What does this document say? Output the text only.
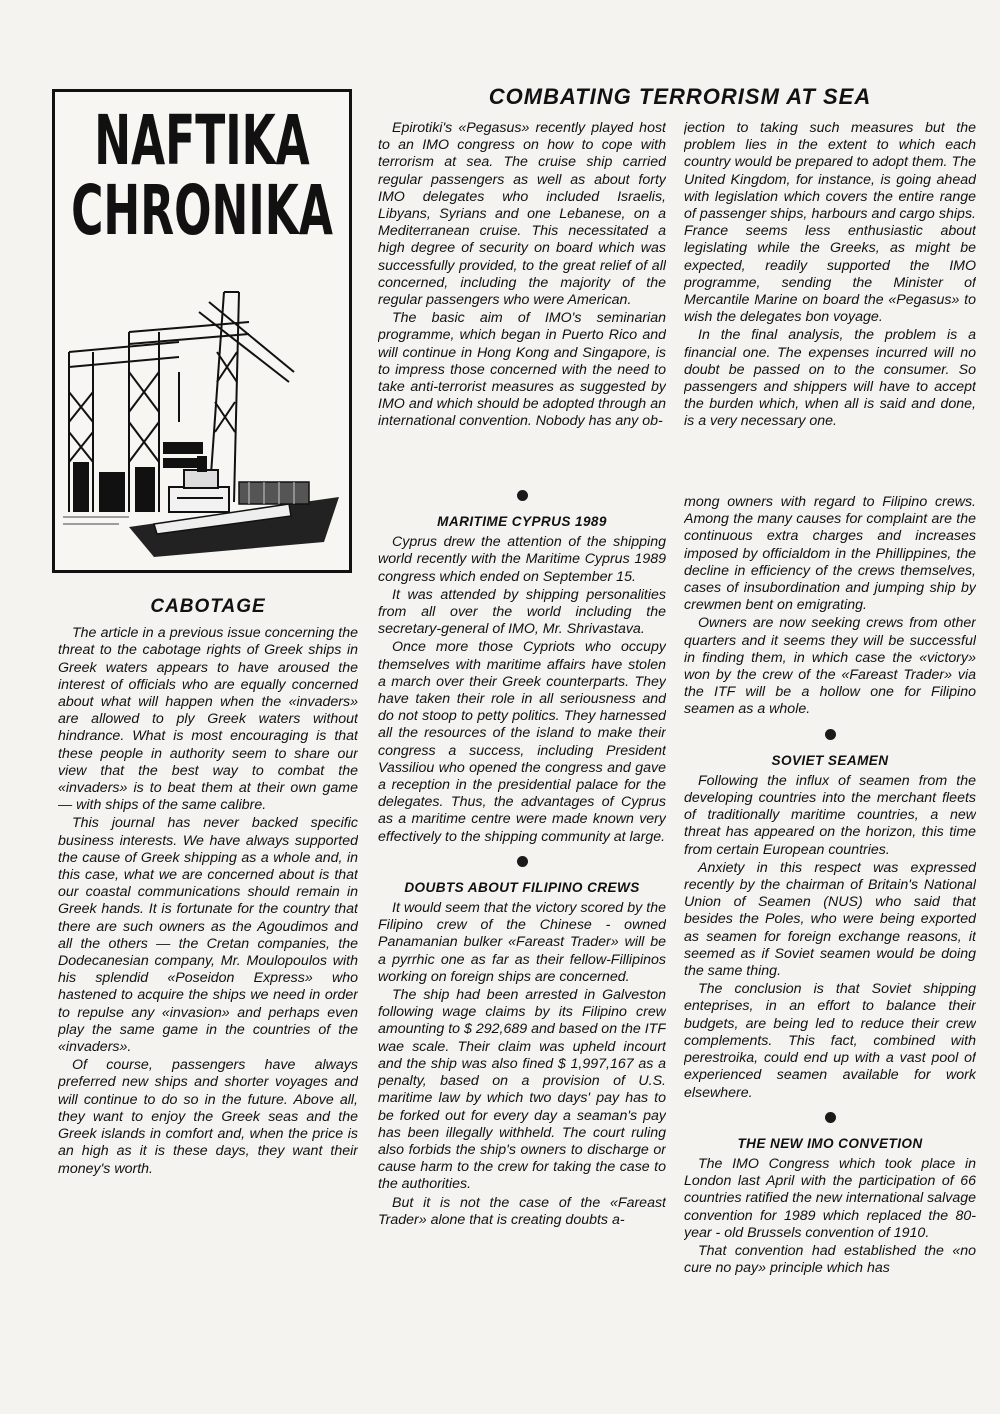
NAFTIKA
CHRONIKA
COMBATING TERRORISM AT SEA

Epirotiki's «Pegasus» recently played host to an IMO congress on how to cope with terrorism at sea. The cruise ship carried regular passengers as well as about forty IMO delegates who included Israelis, Libyans, Syrians and one Lebanese, on a Mediterranean cruise. This necessitated a high degree of security on board which was successfully provided, to the great relief of all concerned, including the majority of the regular passengers who were American.

The basic aim of IMO's seminarian programme, which began in Puerto Rico and will continue in Hong Kong and Singapore, is to impress those concerned with the need to take anti-terrorist measures as suggested by IMO and which should be adopted through an international convention. Nobody has any ob-

jection to taking such measures but the problem lies in the extent to which each country would be prepared to adopt them. The United Kingdom, for instance, is going ahead with legislation which covers the entire range of passenger ships, harbours and cargo ships. France seems less enthusiastic about legislating while the Greeks, as might be expected, readily supported the IMO programme, sending the Minister of Mercantile Marine on board the «Pegasus» to wish the delegates bon voyage.

In the final analysis, the problem is a financial one. The expenses incurred will no doubt be passed on to the consumer. So passengers and shippers will have to accept the burden which, when all is said and done, is a very necessary one.

CABOTAGE

The article in a previous issue concerning the threat to the cabotage rights of Greek ships in Greek waters appears to have aroused the interest of officials who are equally concerned about what will happen when the «invaders» are allowed to ply Greek waters without hindrance. What is most encouraging is that these people in authority seem to share our view that the best way to combat the «invaders» is to beat them at their own game — with ships of the same calibre.

This journal has never backed specific business interests. We have always supported the cause of Greek shipping as a whole and, in this case, what we are concerned about is that our coastal communications should remain in Greek hands. It is fortunate for the country that there are such owners as the Agoudimos and all the others — the Cretan companies, the Dodecanesian company, Mr. Moulopoulos with his splendid «Poseidon Express» who hastened to acquire the ships we need in order to repulse any «invasion» and perhaps even play the same game in the countries of the «invaders».

Of course, passengers have always preferred new ships and shorter voyages and will continue to do so in the future. Above all, they want to enjoy the Greek seas and the Greek islands in comfort and, when the price is an high as it is these days, they want their money's worth.

MARITIME CYPRUS 1989

Cyprus drew the attention of the shipping world recently with the Maritime Cyprus 1989 congress which ended on September 15.

It was attended by shipping personalities from all over the world including the secretary-general of IMO, Mr. Shrivastava.

Once more those Cypriots who occupy themselves with maritime affairs have stolen a march over their Greek counterparts. They have taken their role in all seriousness and do not stoop to petty politics. They harnessed all the resources of the island to make their congress a success, including President Vassiliou who opened the congress and gave a reception in the presidential palace for the delegates. Thus, the advantages of Cyprus as a maritime centre were made known very effectively to the shipping community at large.

DOUBTS ABOUT FILIPINO CREWS

It would seem that the victory scored by the Filipino crew of the Chinese - owned Panamanian bulker «Fareast Trader» will be a pyrrhic one as far as their fellow-Fillipinos working on foreign ships are concerned.

The ship had been arrested in Galveston following wage claims by its Filipino crew amounting to $ 292,689 and based on the ITF wae scale. Their claim was upheld incourt and the ship was also fined $ 1,997,167 as a penalty, based on a provision of U.S. maritime law by which two days' pay has to be forked out for every day a seaman's pay has been illegally withheld. The court ruling also forbids the ship's owners to discharge or cause harm to the crew for taking the case to the authorities.

But it is not the case of the «Fareast Trader» alone that is creating doubts a-

mong owners with regard to Filipino crews. Among the many causes for complaint are the continuous extra charges and increases imposed by officialdom in the Phillippines, the decline in efficiency of the crews themselves, cases of insubordination and jumping ship by crewmen bent on emigrating.

Owners are now seeking crews from other quarters and it seems they will be successful in finding them, in which case the «victory» won by the crew of the «Fareast Trader» via the ITF will be a hollow one for Filipino seamen as a whole.

SOVIET SEAMEN

Following the influx of seamen from the developing countries into the merchant fleets of traditionally maritime countries, a new threat has appeared on the horizon, this time from certain European countries.

Anxiety in this respect was expressed recently by the chairman of Britain's National Union of Seamen (NUS) who said that besides the Poles, who were being exported as seamen for foreign exchange reasons, it seemed as if Soviet seamen would be doing the same thing.

The conclusion is that Soviet shipping enteprises, in an effort to balance their budgets, are being led to reduce their crew complements. This fact, combined with perestroika, could end up with a vast pool of experienced seamen available for work elsewhere.

THE NEW IMO CONVETION

The IMO Congress which took place in London last April with the participation of 66 countries ratified the new international salvage convention for 1989 which replaced the 80-year - old Brussels convention of 1910.

That convention had established the «no cure no pay» principle which has
